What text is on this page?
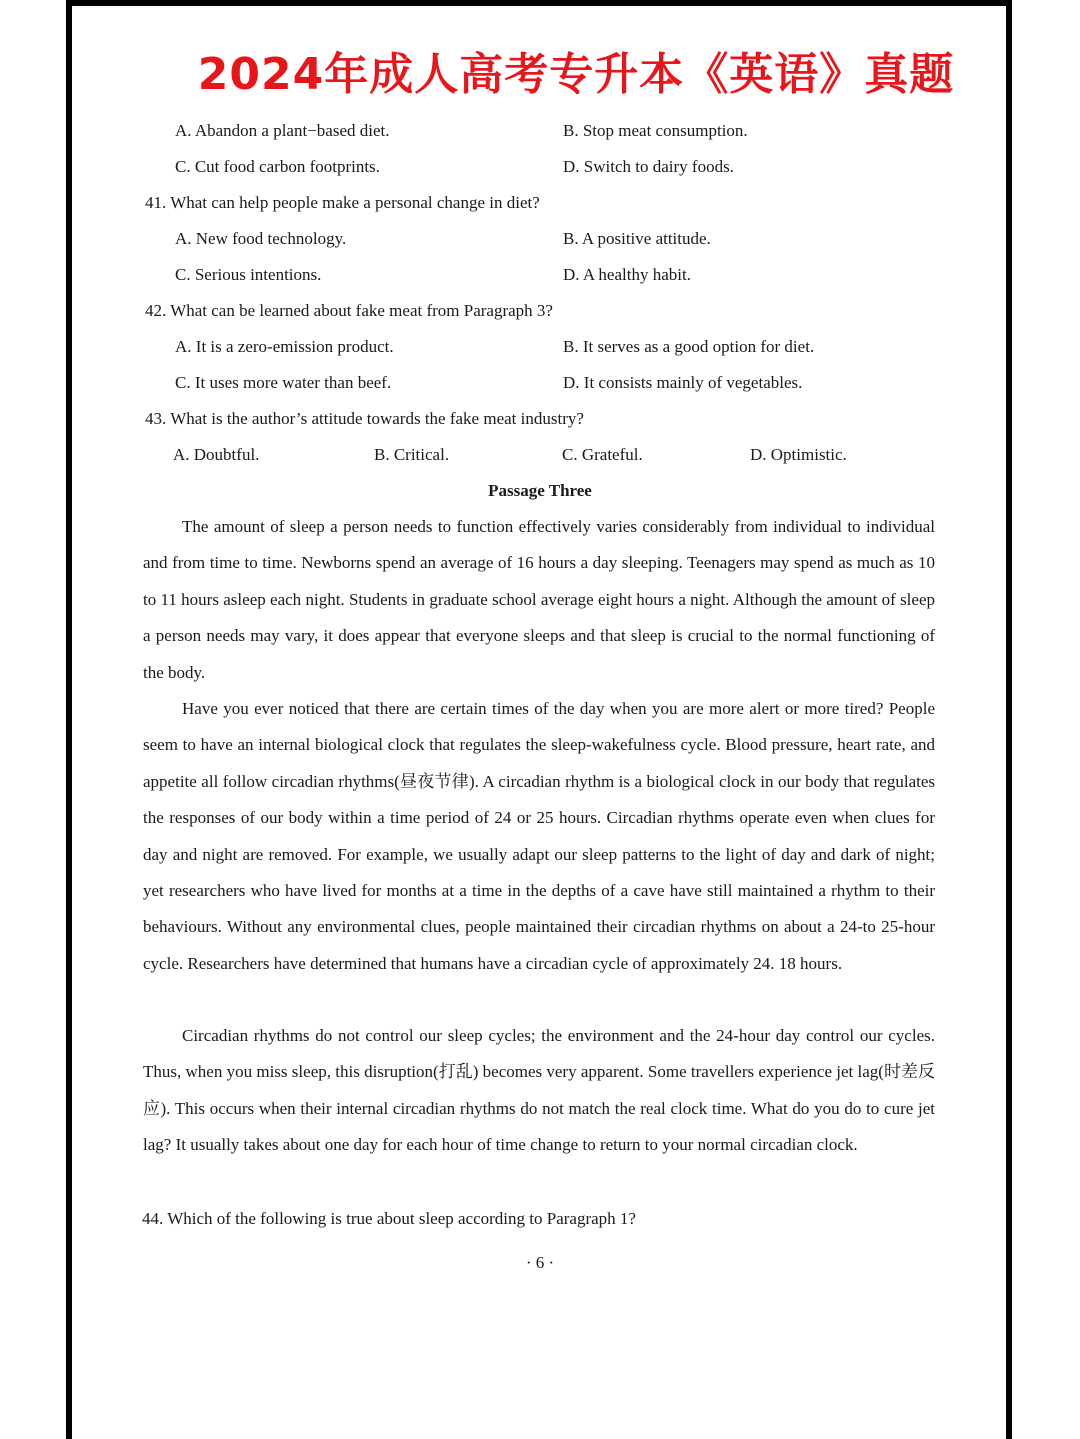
2024年成人高考专升本《英语》真题
A. Abandon a plant−based diet.	B. Stop meat consumption.
C. Cut food carbon footprints.	D. Switch to dairy foods.
41. What can help people make a personal change in diet?
A. New food technology.	B. A positive attitude.
C. Serious intentions.	D. A healthy habit.
42. What can be learned about fake meat from Paragraph 3?
A. It is a zero-emission product.	B. It serves as a good option for diet.
C. It uses more water than beef.	D. It consists mainly of vegetables.
43. What is the author’s attitude towards the fake meat industry?
A. Doubtful.	B. Critical.	C. Grateful.	D. Optimistic.
Passage Three

The amount of sleep a person needs to function effectively varies considerably from individual to individual and from time to time. Newborns spend an average of 16 hours a day sleeping. Teenagers may spend as much as 10 to 11 hours asleep each night. Students in graduate school average eight hours a night. Although the amount of sleep a person needs may vary, it does appear that everyone sleeps and that sleep is crucial to the normal functioning of the body.

Have you ever noticed that there are certain times of the day when you are more alert or more tired? People seem to have an internal biological clock that regulates the sleep-wakefulness cycle. Blood pressure, heart rate, and appetite all follow circadian rhythms(昼夜节律). A circadian rhythm is a biological clock in our body that regulates the responses of our body within a time period of 24 or 25 hours. Circadian rhythms operate even when clues for day and night are removed. For example, we usually adapt our sleep patterns to the light of day and dark of night; yet researchers who have lived for months at a time in the depths of a cave have still maintained a rhythm to their behaviours. Without any environmental clues, people maintained their circadian rhythms on about a 24-to 25-hour cycle. Researchers have determined that humans have a circadian cycle of approximately 24. 18 hours.

Circadian rhythms do not control our sleep cycles; the environment and the 24-hour day control our cycles. Thus, when you miss sleep, this disruption(打乱) becomes very apparent. Some travellers experience jet lag(时差反应). This occurs when their internal circadian rhythms do not match the real clock time. What do you do to cure jet lag? It usually takes about one day for each hour of time change to return to your normal circadian clock.

44. Which of the following is true about sleep according to Paragraph 1?
· 6 ·
